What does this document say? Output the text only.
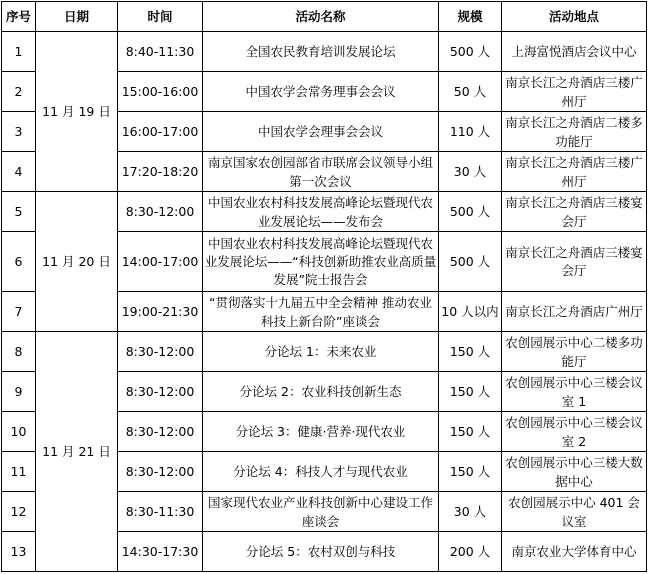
序号	日期	时间	活动名称	规模	活动地点
1	11 月 19 日	8:40-11:30	全国农民教育培训发展论坛	500 人	上海富悦酒店会议中心
2		15:00-16:00	中国农学会常务理事会会议	50 人	南京长江之舟酒店三楼广州厅
3		16:00-17:00	中国农学会理事会会议	110 人	南京长江之舟酒店二楼多功能厅
4		17:20-18:20	南京国家农创园部省市联席会议领导小组第一次会议	30 人	南京长江之舟酒店三楼广州厅
5	11 月 20 日	8:30-12:00	中国农业农村科技发展高峰论坛暨现代农业发展论坛——发布会	500 人	南京长江之舟酒店三楼宴会厅
6		14:00-17:00	中国农业农村科技发展高峰论坛暨现代农业发展论坛——“科技创新助推农业高质量发展”院士报告会	500 人	南京长江之舟酒店三楼宴会厅
7		19:00-21:30	“贯彻落实十九届五中全会精神 推动农业科技上新台阶”座谈会	10 人以内	南京长江之舟酒店广州厅
8	11 月 21 日	8:30-12:00	分论坛 1：未来农业	150 人	农创园展示中心二楼多功能厅
9		8:30-12:00	分论坛 2：农业科技创新生态	150 人	农创园展示中心三楼会议室 1
10		8:30-12:00	分论坛 3：健康·营养·现代农业	150 人	农创园展示中心三楼会议室 2
11		8:30-12:00	分论坛 4：科技人才与现代农业	150 人	农创园展示中心三楼大数据中心
12		8:30-11:30	国家现代农业产业科技创新中心建设工作座谈会	30 人	农创园展示中心 401 会议室
13		14:30-17:30	分论坛 5：农村双创与科技	200 人	南京农业大学体育中心
